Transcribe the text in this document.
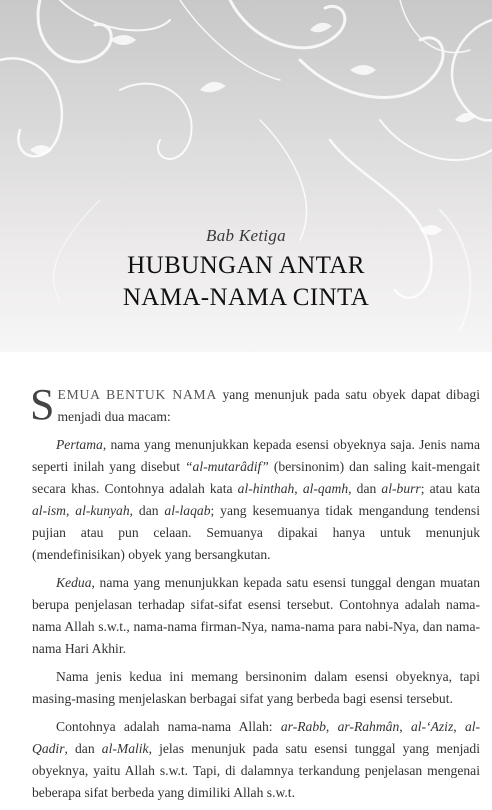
Bab Ketiga
HUBUNGAN ANTAR
NAMA-NAMA CINTA

SEMUA BENTUK NAMA yang menunjuk pada satu obyek dapat dibagi menjadi dua macam:

Pertama, nama yang menunjukkan kepada esensi obyeknya saja. Jenis nama seperti inilah yang disebut “al-mutarâdif” (bersinonim) dan saling kait-mengait secara khas. Contohnya adalah kata al-hinthah, al-qamh, dan al-burr; atau kata al-ism, al-kunyah, dan al-laqab; yang kesemuanya tidak mengandung tendensi pujian atau pun celaan. Semuanya dipakai hanya untuk menunjuk (mendefinisikan) obyek yang bersangkutan.

Kedua, nama yang menunjukkan kepada satu esensi tunggal dengan muatan berupa penjelasan terhadap sifat-sifat esensi tersebut. Contohnya adalah nama-nama Allah s.w.t., nama-nama firman-Nya, nama-nama para nabi-Nya, dan nama-nama Hari Akhir.

Nama jenis kedua ini memang bersinonim dalam esensi obyeknya, tapi masing-masing menjelaskan berbagai sifat yang berbeda bagi esensi tersebut.

Contohnya adalah nama-nama Allah: ar-Rabb, ar-Rahmân, al-‘Aziz, al-Qadir, dan al-Malik, jelas menunjuk pada satu esensi tunggal yang menjadi obyeknya, yaitu Allah s.w.t. Tapi, di dalamnya terkandung penjelasan mengenai beberapa sifat berbeda yang dimiliki Allah s.w.t.
